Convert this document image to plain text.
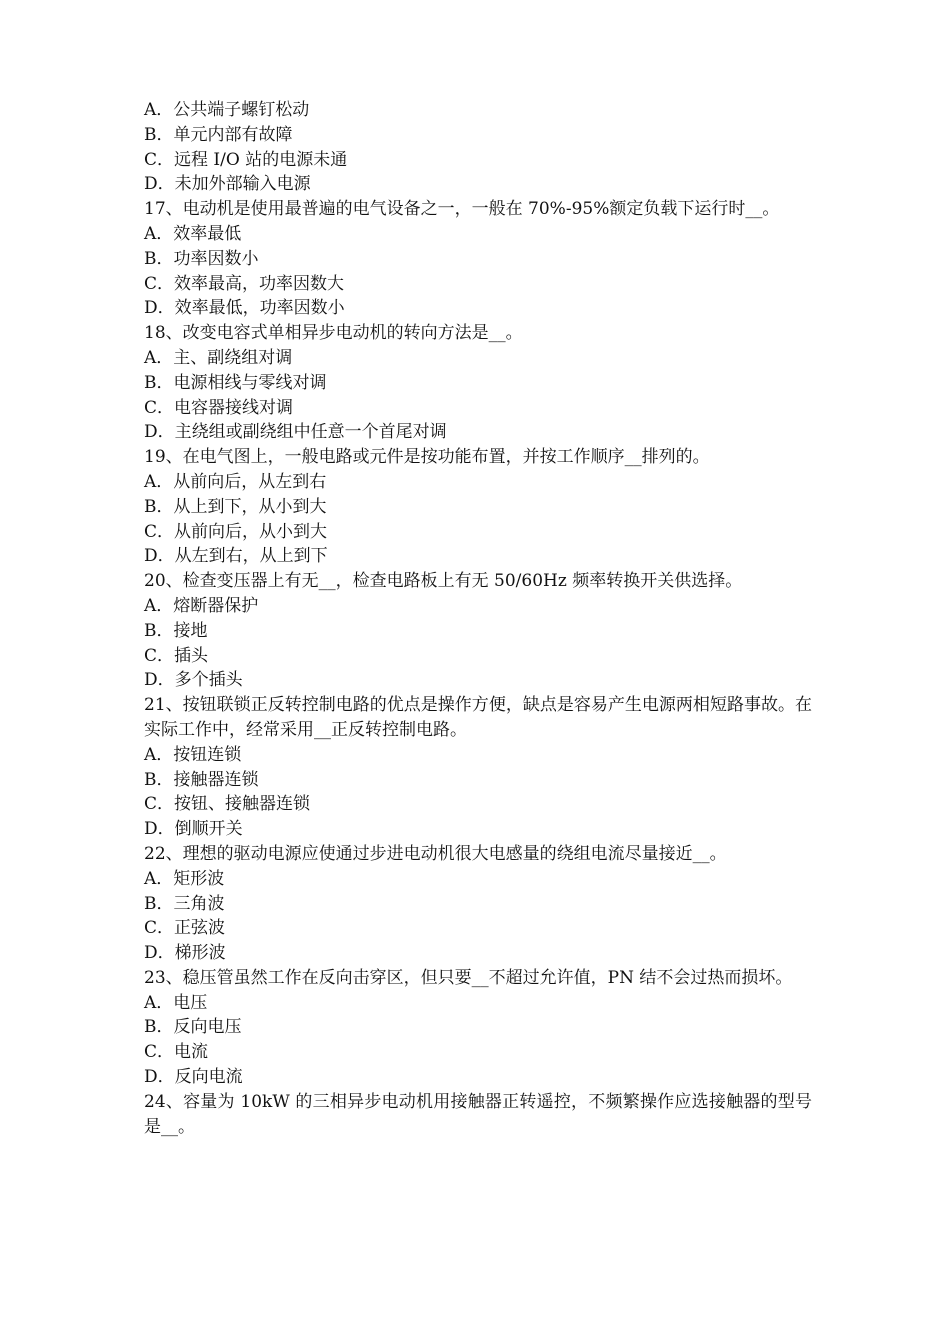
A．公共端子螺钉松动
B．单元内部有故障
C．远程 I/O 站的电源未通
D．未加外部输入电源
17、电动机是使用最普遍的电气设备之一，一般在 70%-95%额定负载下运行时__。
A．效率最低
B．功率因数小
C．效率最高，功率因数大
D．效率最低，功率因数小
18、改变电容式单相异步电动机的转向方法是__。
A．主、副绕组对调
B．电源相线与零线对调
C．电容器接线对调
D．主绕组或副绕组中任意一个首尾对调
19、在电气图上，一般电路或元件是按功能布置，并按工作顺序__排列的。
A．从前向后，从左到右
B．从上到下，从小到大
C．从前向后，从小到大
D．从左到右，从上到下
20、检查变压器上有无__，检查电路板上有无 50/60Hz 频率转换开关供选择。
A．熔断器保护
B．接地
C．插头
D．多个插头
21、按钮联锁正反转控制电路的优点是操作方便，缺点是容易产生电源两相短路事故。在实际工作中，经常采用__正反转控制电路。
A．按钮连锁
B．接触器连锁
C．按钮、接触器连锁
D．倒顺开关
22、理想的驱动电源应使通过步进电动机很大电感量的绕组电流尽量接近__。
A．矩形波
B．三角波
C．正弦波
D．梯形波
23、稳压管虽然工作在反向击穿区，但只要__不超过允许值，PN 结不会过热而损坏。
A．电压
B．反向电压
C．电流
D．反向电流
24、容量为 10kW 的三相异步电动机用接触器正转遥控，不频繁操作应选接触器的型号是__。
